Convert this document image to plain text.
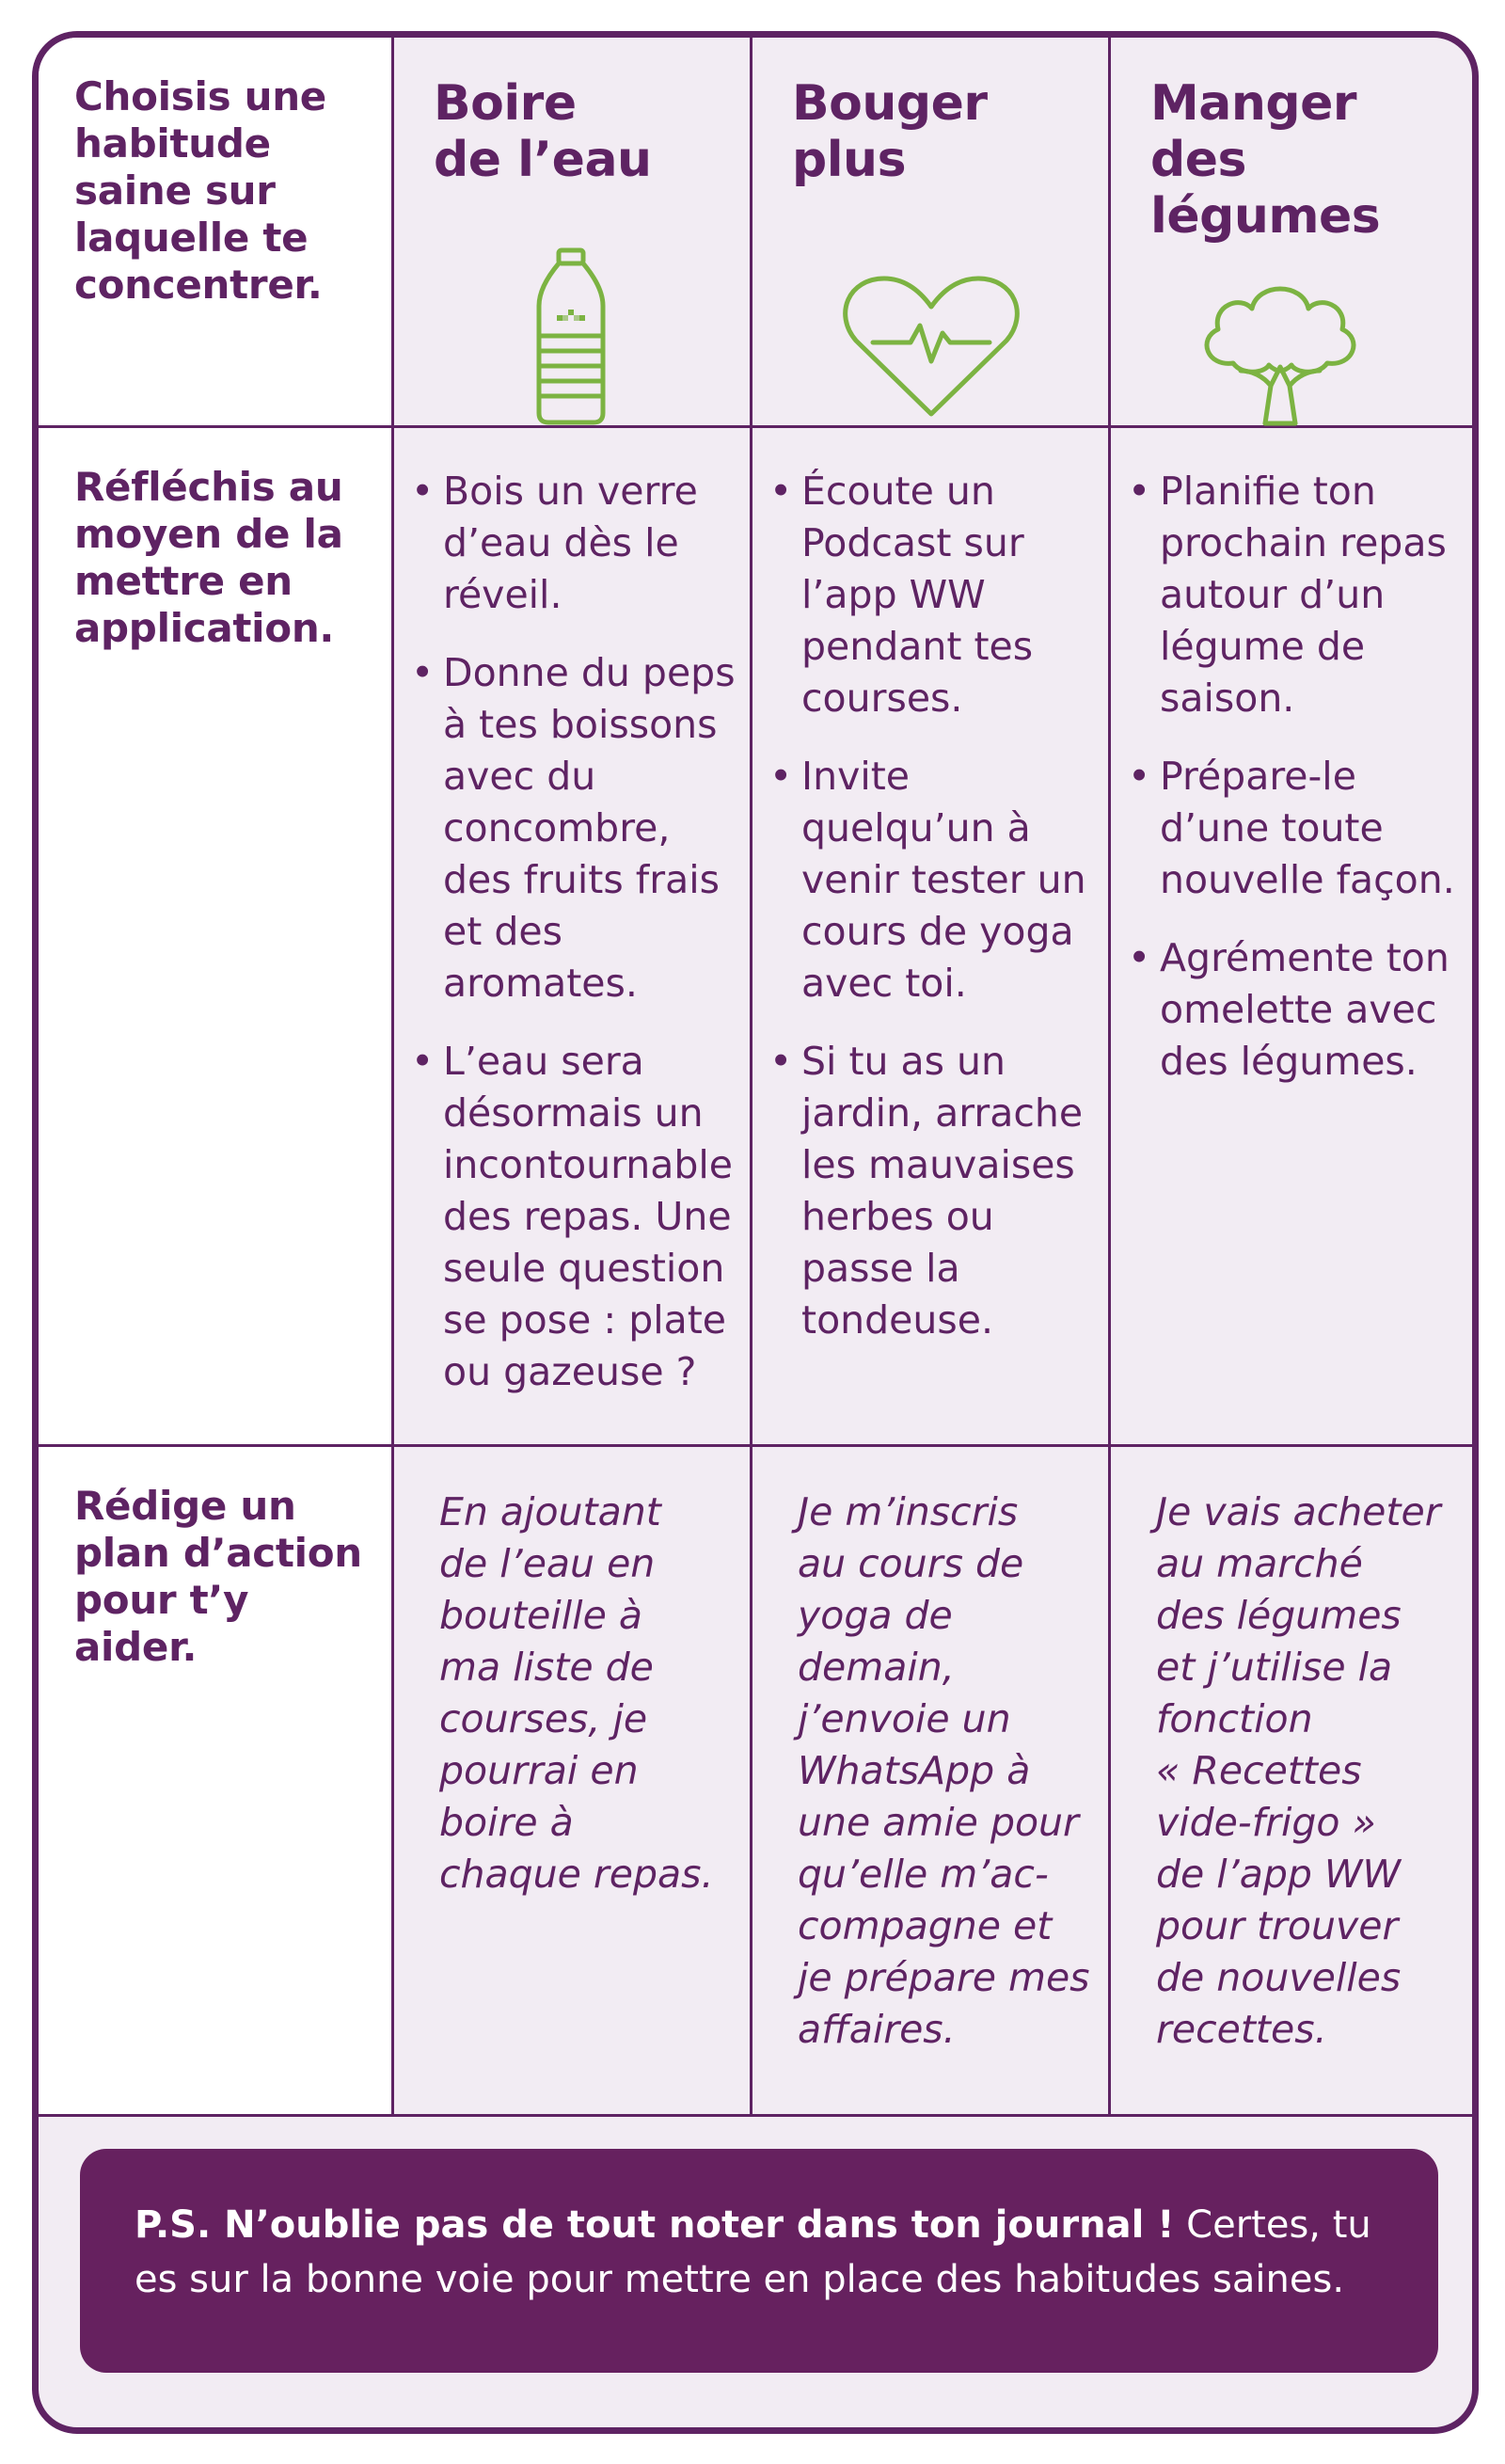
Choisis une
habitude
saine sur
laquelle te
concentrer.
Boire
de l’eau
Bouger
plus
Manger des
légumes
Réfléchis au
moyen de la
mettre en
application.
• Bois un verre d’eau dès le réveil.
• Donne du peps à tes boissons avec du concombre, des fruits frais et des aromates.
• L’eau sera désormais un incontournable des repas. Une seule question se pose : plate ou gazeuse ?
• Écoute un Podcast sur l’app WW pendant tes courses.
• Invite quelqu’un à venir tester un cours de yoga avec toi.
• Si tu as un jardin, arrache les mauvaises herbes ou passe la tondeuse.
• Planifie ton prochain repas autour d’un légume de saison.
• Prépare-le d’une toute nouvelle façon.
• Agrémente ton omelette avec des légumes.
Rédige un
plan d’action
pour t’y aider.
En ajoutant
de l’eau en
bouteille à
ma liste de
courses, je
pourrai en
boire à
chaque repas.
Je m’inscris
au cours de
yoga de
demain,
j’envoie un
WhatsApp à
une amie pour
qu’elle m’ac-
compagne et
je prépare mes
affaires.
Je vais acheter
au marché
des légumes
et j’utilise la
fonction
« Recettes
vide-frigo »
de l’app WW
pour trouver
de nouvelles
recettes.
P.S. N’oublie pas de tout noter dans ton journal ! Certes, tu es sur la bonne voie pour mettre en place des habitudes saines.
